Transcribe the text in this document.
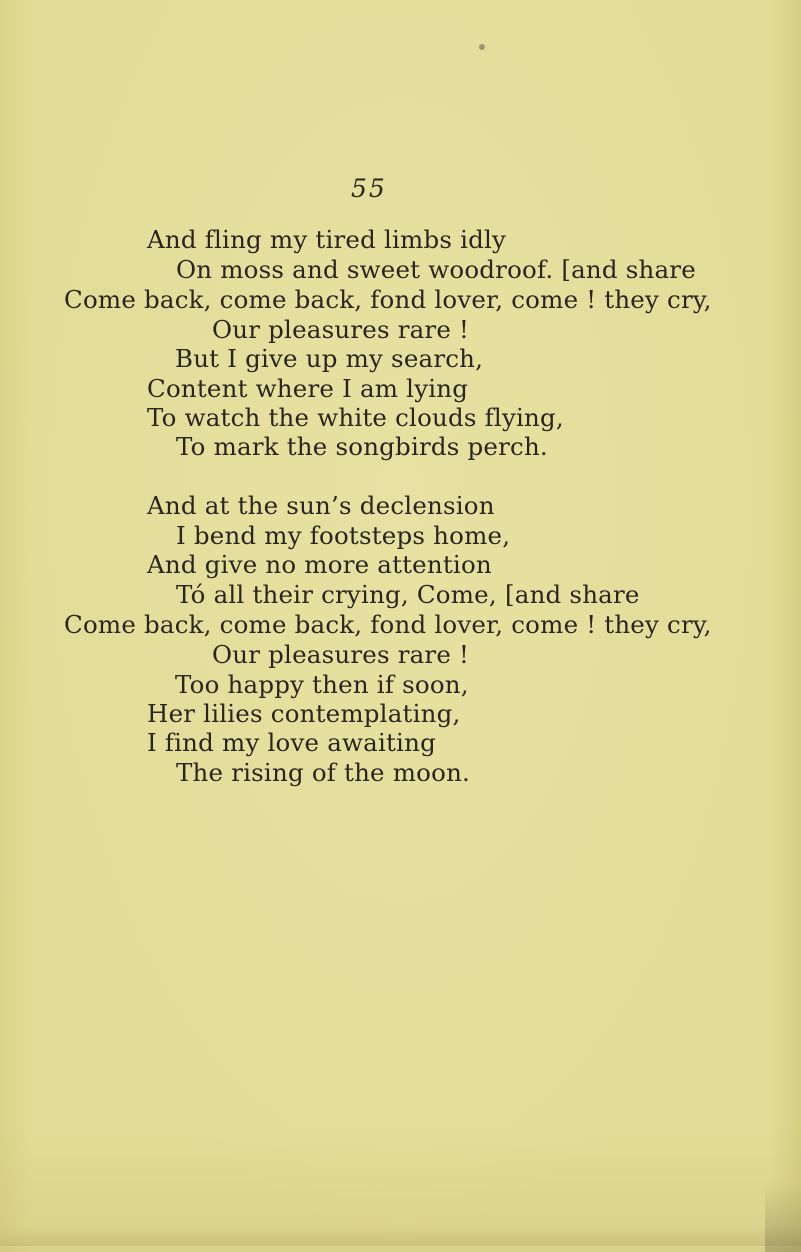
55
And fling my tired limbs idly
On moss and sweet woodroof. [and share
Come back, come back, fond lover, come ! they cry,
Our pleasures rare !
But I give up my search,
Content where I am lying
To watch the white clouds flying,
To mark the songbirds perch.
And at the sun’s declension
I bend my footsteps home,
And give no more attention
Tó all their crying, Come, [and share
Come back, come back, fond lover, come ! they cry,
Our pleasures rare !
Too happy then if soon,
Her lilies contemplating,
I find my love awaiting
The rising of the moon.
